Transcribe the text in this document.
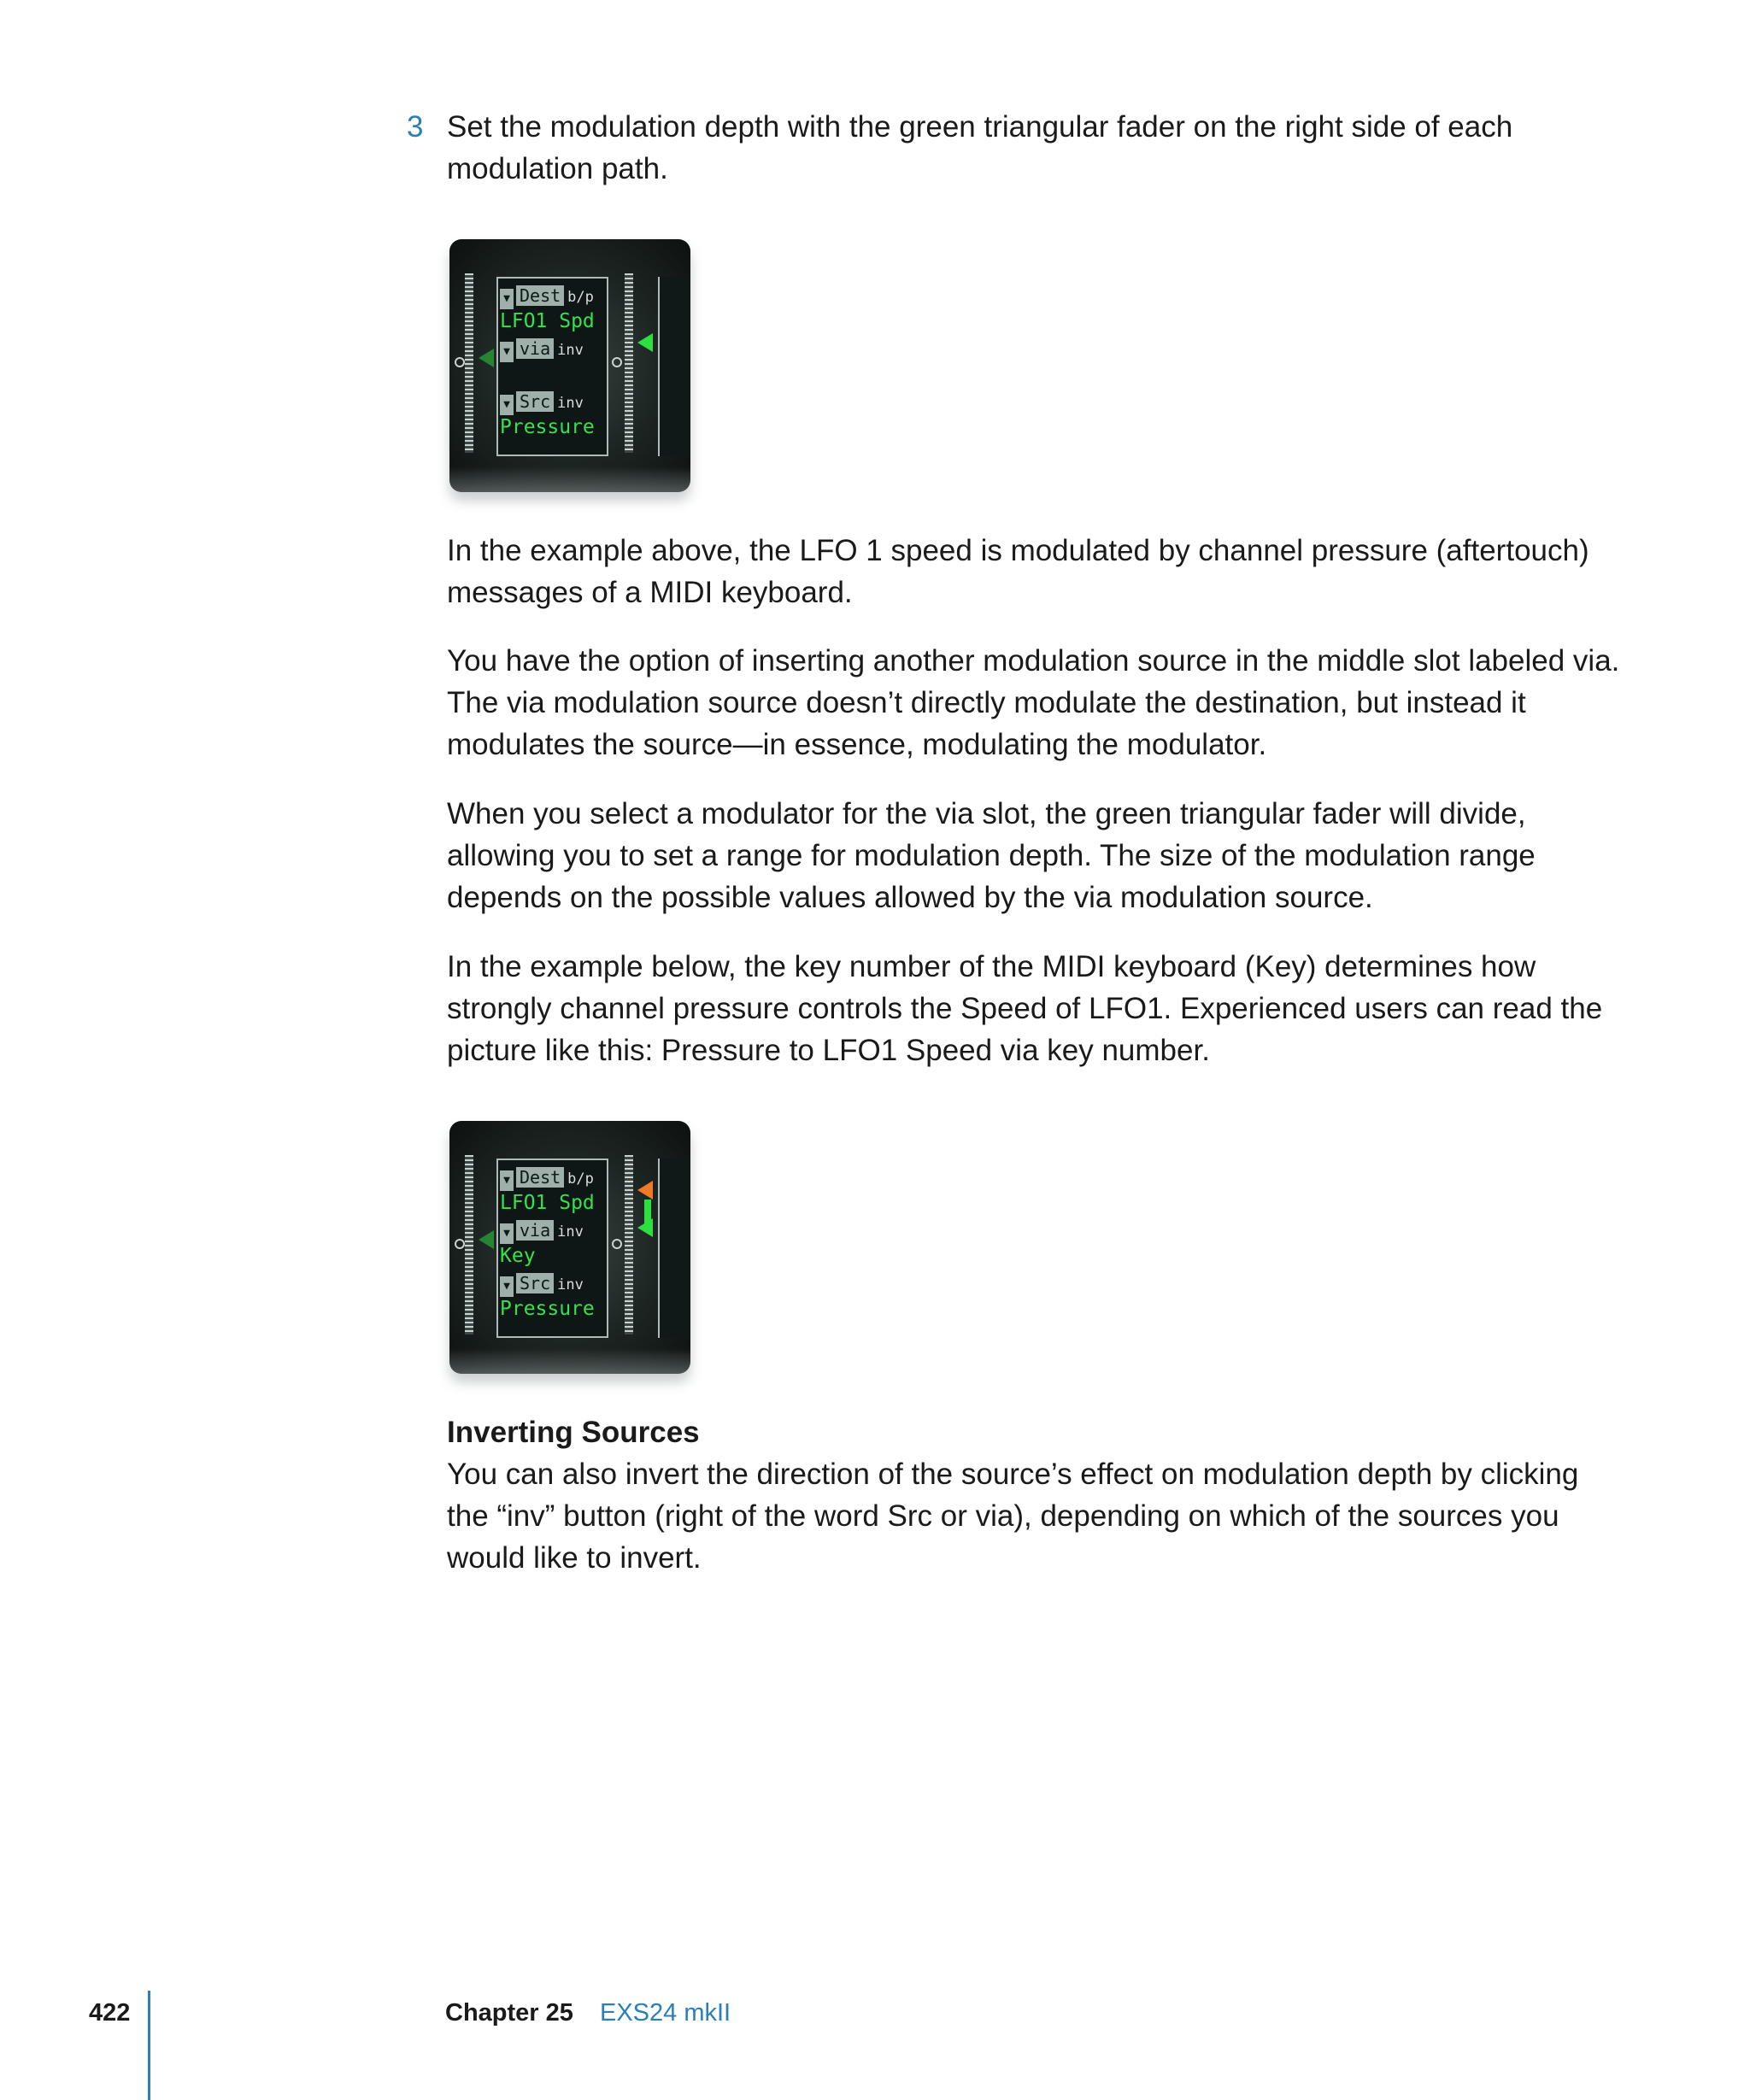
3 Set the modulation depth with the green triangular fader on the right side of each modulation path.
▼ Dest b/p
LFO1 Spd
▼ via inv
▼ Src inv
Pressure

In the example above, the LFO 1 speed is modulated by channel pressure (aftertouch) messages of a MIDI keyboard.

You have the option of inserting another modulation source in the middle slot labeled via. The via modulation source doesn’t directly modulate the destination, but instead it modulates the source—in essence, modulating the modulator.

When you select a modulator for the via slot, the green triangular fader will divide, allowing you to set a range for modulation depth. The size of the modulation range depends on the possible values allowed by the via modulation source.

In the example below, the key number of the MIDI keyboard (Key) determines how strongly channel pressure controls the Speed of LFO1. Experienced users can read the picture like this: Pressure to LFO1 Speed via key number.

▼ Dest b/p
LFO1 Spd
▼ via inv
Key
▼ Src inv
Pressure
Inverting Sources

You can also invert the direction of the source’s effect on modulation depth by clicking the “inv” button (right of the word Src or via), depending on which of the sources you would like to invert.

422	Chapter 25 EXS24 mkII
